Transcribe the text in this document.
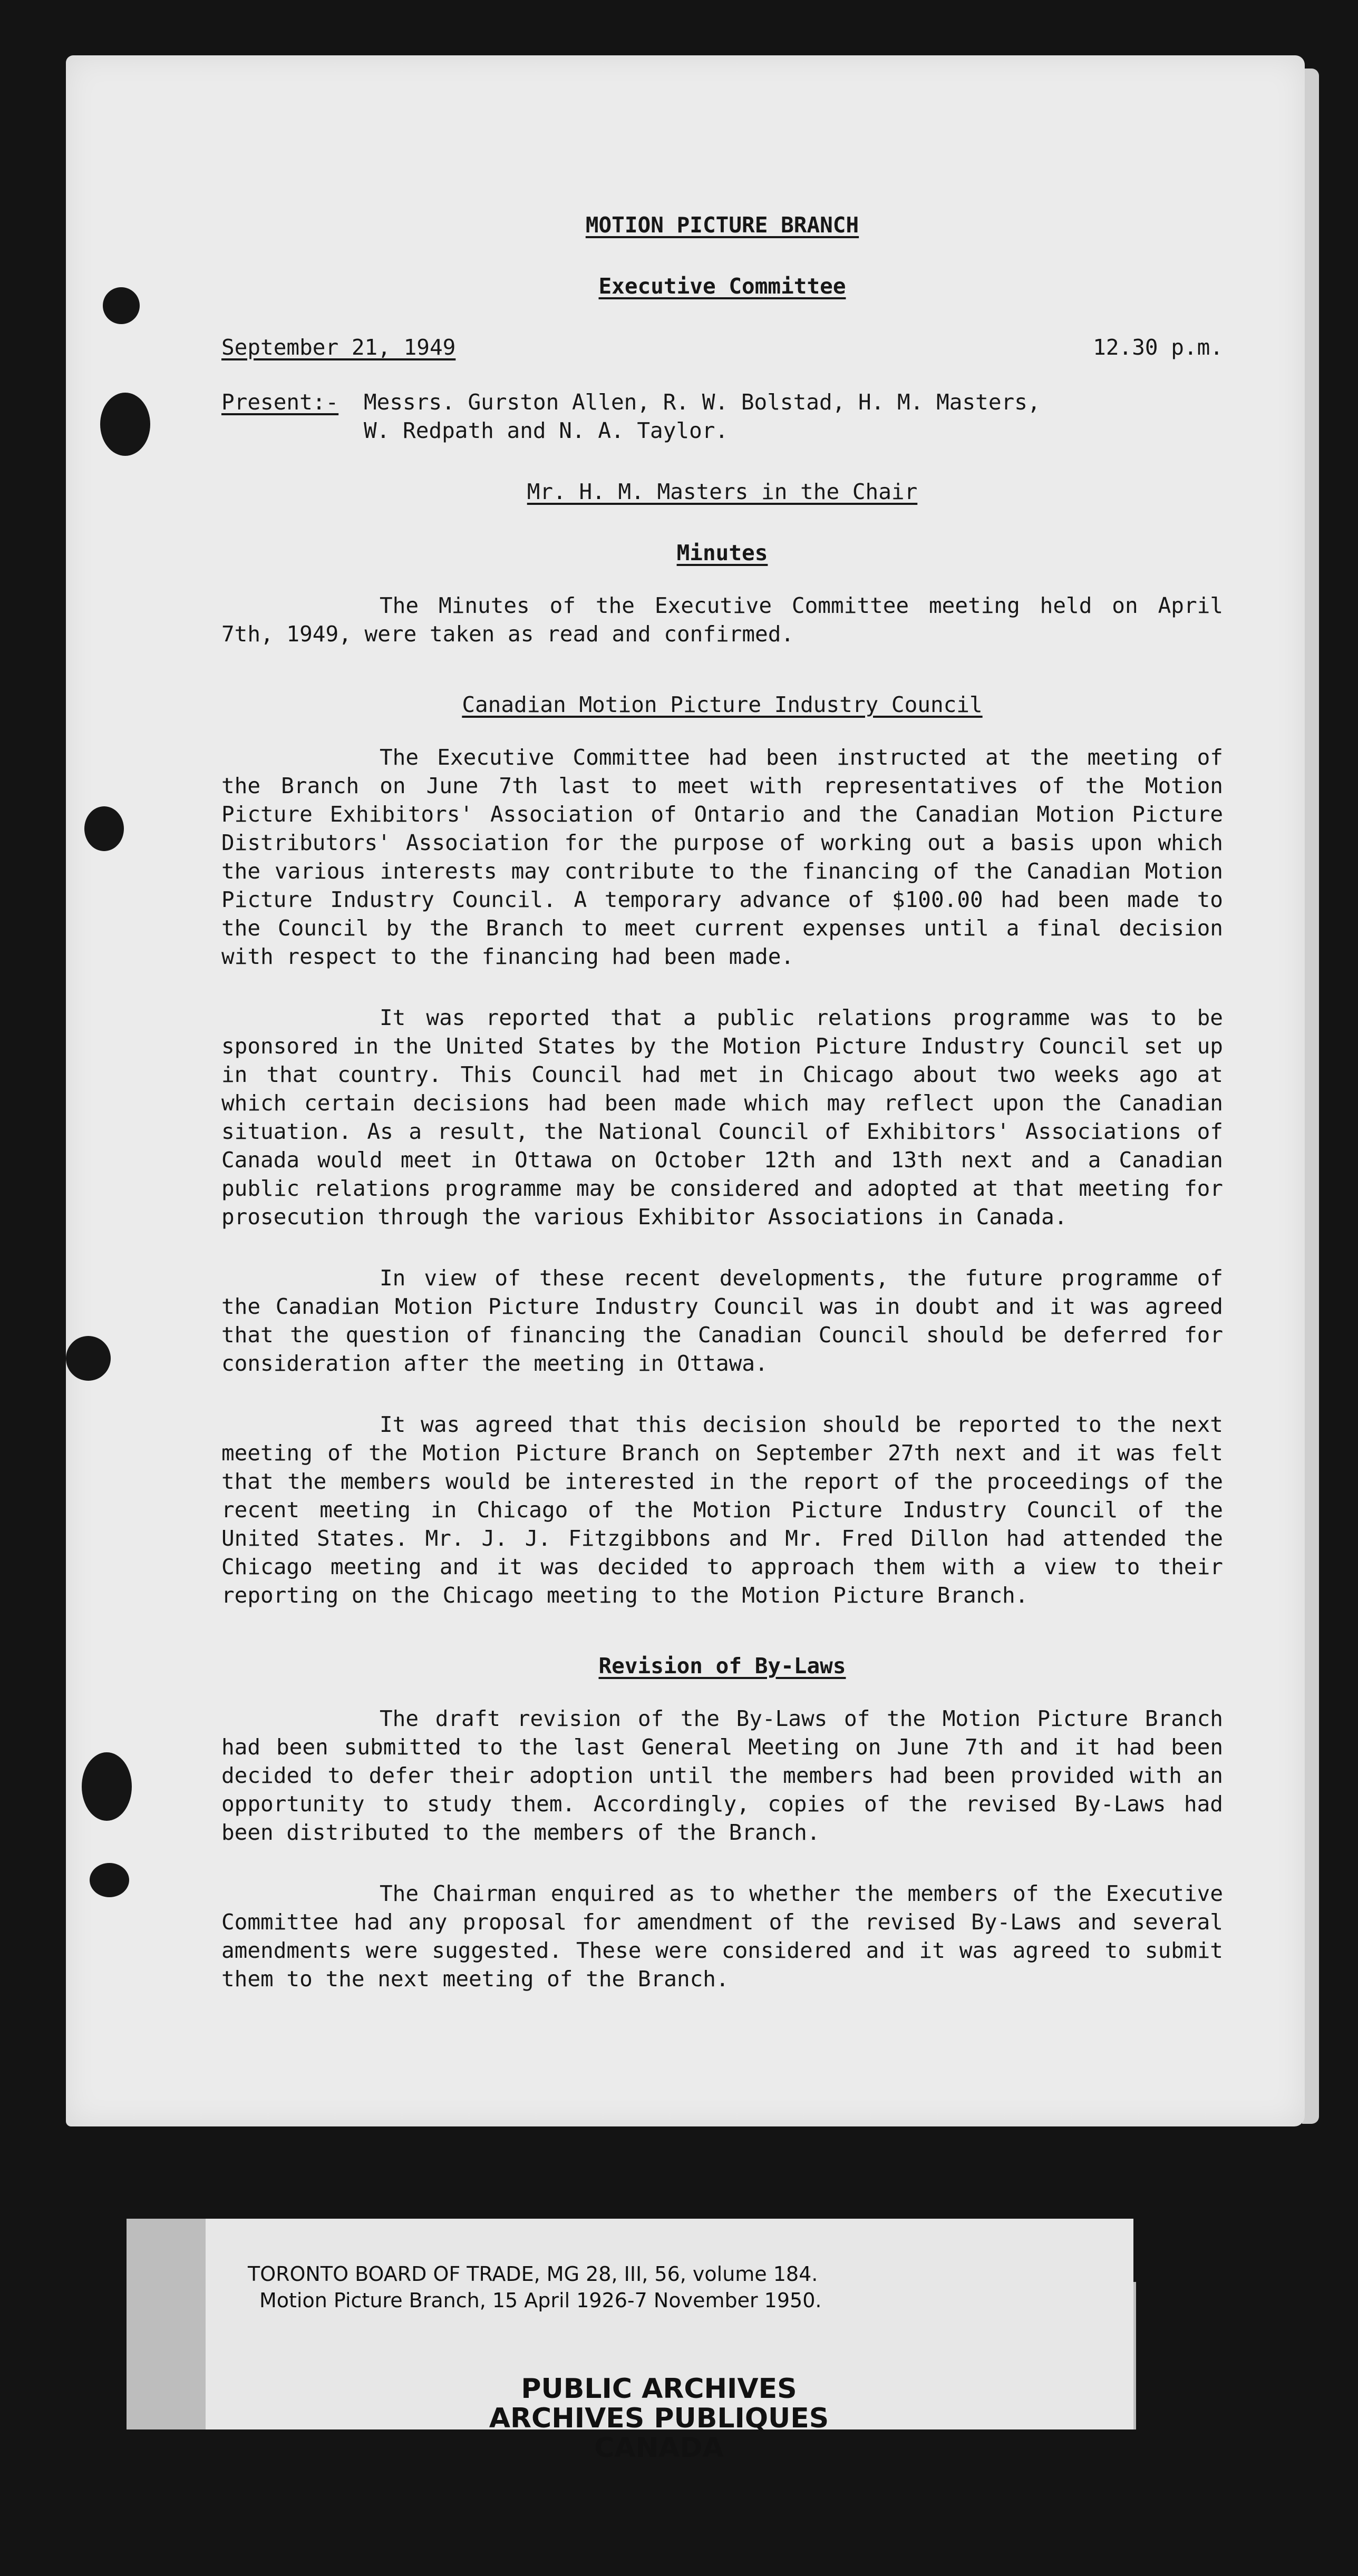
MOTION PICTURE BRANCH
Executive Committee
September 21, 1949	12.30 p.m.
Present:-	Messrs. Gurston Allen, R. W. Bolstad, H. M. Masters,
W. Redpath and N. A. Taylor.
Mr. H. M. Masters in the Chair
Minutes

The Minutes of the Executive Committee meeting held on April 7th, 1949, were taken as read and confirmed.

Canadian Motion Picture Industry Council

The Executive Committee had been instructed at the meeting of the Branch on June 7th last to meet with representatives of the Motion Picture Exhibitors' Association of Ontario and the Canadian Motion Picture Distributors' Association for the purpose of working out a basis upon which the various interests may contribute to the financing of the Canadian Motion Picture Industry Council. A temporary advance of $100.00 had been made to the Council by the Branch to meet current expenses until a final decision with respect to the financing had been made.

It was reported that a public relations programme was to be sponsored in the United States by the Motion Picture Industry Council set up in that country. This Council had met in Chicago about two weeks ago at which certain decisions had been made which may reflect upon the Canadian situation. As a result, the National Council of Exhibitors' Associations of Canada would meet in Ottawa on October 12th and 13th next and a Canadian public relations programme may be considered and adopted at that meeting for prosecution through the various Exhibitor Associations in Canada.

In view of these recent developments, the future programme of the Canadian Motion Picture Industry Council was in doubt and it was agreed that the question of financing the Canadian Council should be deferred for consideration after the meeting in Ottawa.

It was agreed that this decision should be reported to the next meeting of the Motion Picture Branch on September 27th next and it was felt that the members would be interested in the report of the proceedings of the recent meeting in Chicago of the Motion Picture Industry Council of the United States. Mr. J. J. Fitzgibbons and Mr. Fred Dillon had attended the Chicago meeting and it was decided to approach them with a view to their reporting on the Chicago meeting to the Motion Picture Branch.

Revision of By-Laws

The draft revision of the By-Laws of the Motion Picture Branch had been submitted to the last General Meeting on June 7th and it had been decided to defer their adoption until the members had been provided with an opportunity to study them. Accordingly, copies of the revised By-Laws had been distributed to the members of the Branch.

The Chairman enquired as to whether the members of the Executive Committee had any proposal for amendment of the revised By-Laws and several amendments were suggested. These were considered and it was agreed to submit them to the next meeting of the Branch.

TORONTO BOARD OF TRADE, MG 28, III, 56, volume 184.
Motion Picture Branch, 15 April 1926-7 November 1950.
PUBLIC ARCHIVES
ARCHIVES PUBLIQUES
CANADA
